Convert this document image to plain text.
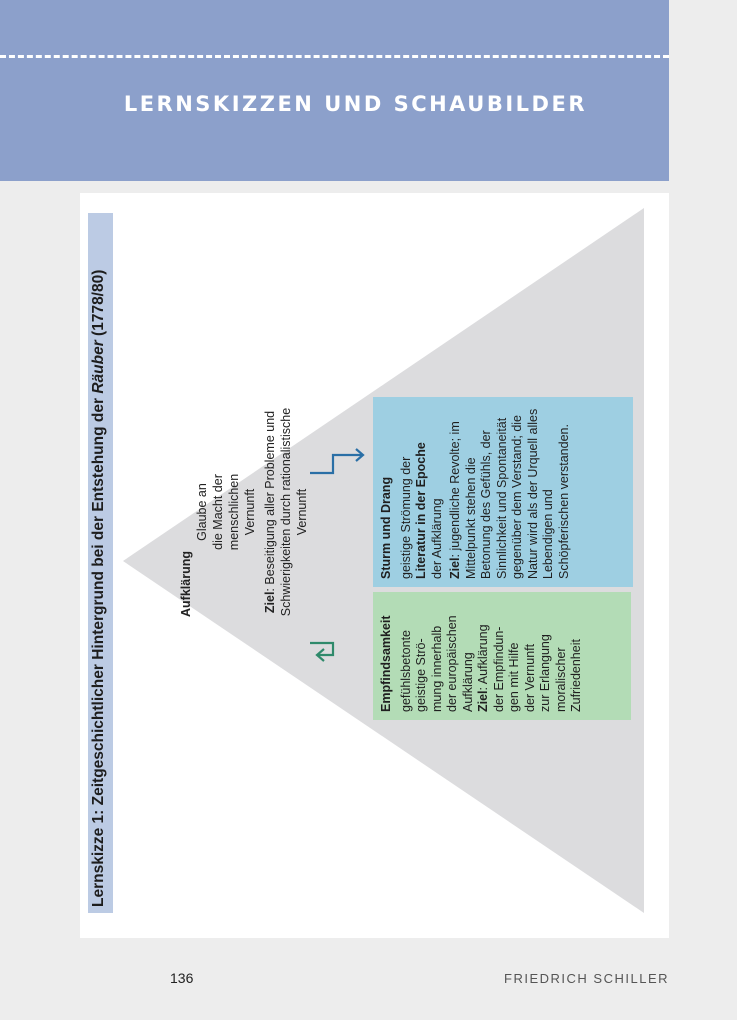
LERNSKIZZEN UND SCHAUBILDER
Lernskizze 1: Zeitgeschichtlicher Hintergrund bei der Entstehung der Räuber (1778/80)

Aufklärung

Glaube an die Macht der menschlichen Vernunft

Ziel: Beseitigung aller Probleme und Schwierigkeiten durch rationalistische Vernunft

Empfindsamkeit gefühlsbetonte geistige Strö- mung innerhalb der europäischen Aufklärung Ziel: Aufklärung der Empfindun- gen mit Hilfe der Vernunft zur Erlangung moralischer Zufriedenheit

Sturm und Drang geistige Strömung der Literatur in der Epoche der Aufklärung Ziel: jugendliche Revolte; im Mittelpunkt stehen die Betonung des Gefühls, der Sinnlichkeit und Spontaneität gegenüber dem Verstand; die Natur wird als der Urquell alles Lebendigen und Schöpferischen verstanden.

136	FRIEDRICH SCHILLER
